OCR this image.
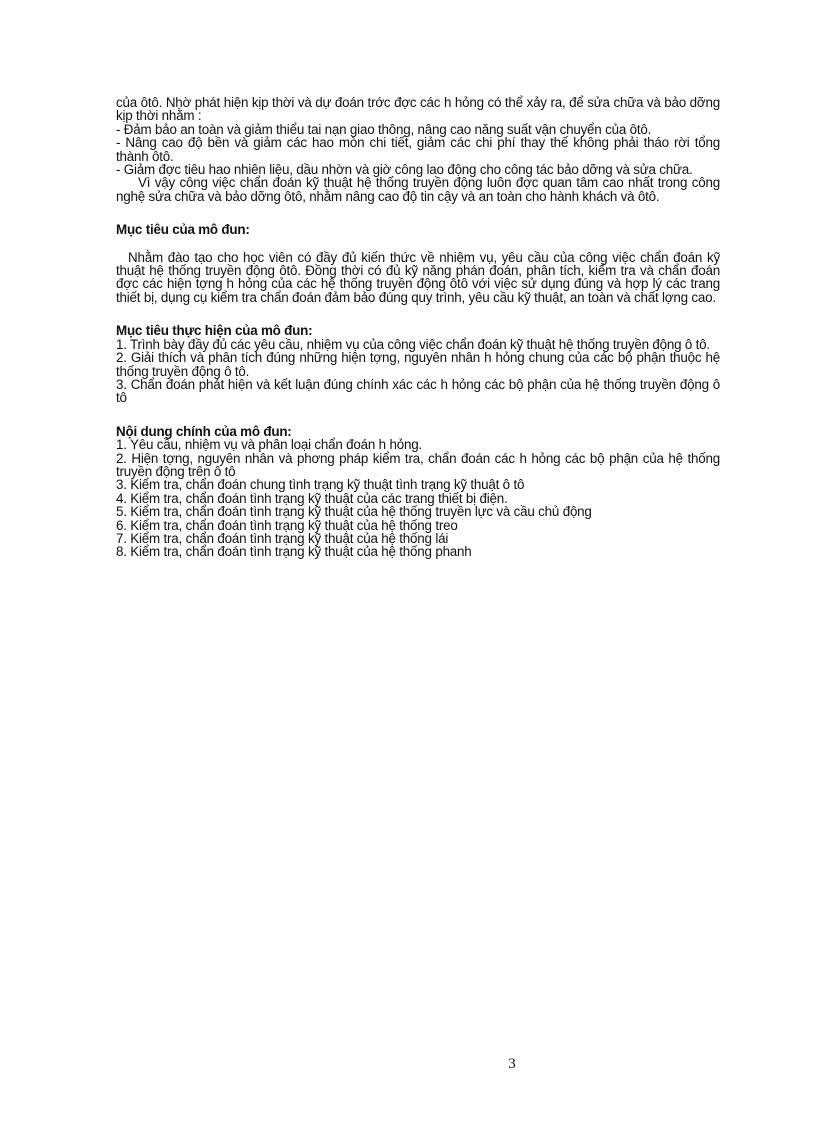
của ôtô. Nhờ phát hiện kịp thời và dự đoán trớc đợc các h hỏng có thể xảy ra, để sửa chữa và bảo dỡng kịp thời nhằm :

- Đảm bảo an toàn và giảm thiểu tai nạn giao thông, nâng cao năng suất vận chuyển của ôtô.

- Nâng cao độ bền và giảm các hao mòn chi tiết, giảm các chi phí thay thế không phải tháo rời tổng thành ôtô.

- Giảm đợc tiêu hao nhiên liệu, dầu nhờn và giờ công lao động cho công tác bảo dỡng và sửa chữa.

Vì vậy công việc chẩn đoán kỹ thuật hệ thống truyền động luôn đợc quan tâm cao nhất trong công nghệ sửa chữa và bảo dỡng ôtô, nhằm nâng cao độ tin cậy và an toàn cho hành khách và ôtô.

Mục tiêu của mô đun:

Nhằm đào tạo cho học viên có đầy đủ kiến thức về nhiệm vụ, yêu cầu của công việc chẩn đoán kỹ thuật hệ thống truyền động ôtô. Đồng thời có đủ kỹ năng phán đoán, phân tích, kiểm tra và chẩn đoán đợc các hiện tợng h hỏng của các hệ thống truyền động ôtô với việc sử dụng đúng và hợp lý các trang thiết bị, dụng cụ kiểm tra chẩn đoán đảm bảo đúng quy trình, yêu cầu kỹ thuật, an toàn và chất lợng cao.

Mục tiêu thực hiện của mô đun:

1. Trình bày đầy đủ các yêu cầu, nhiệm vụ của công việc chẩn đoán kỹ thuật hệ thống truyền động ô tô.

2. Giải thích và phân tích đúng những hiện tợng, nguyên nhân h hỏng chung của các bộ phận thuộc hệ thống truyền động ô tô.

3. Chẩn đoán phát hiện và kết luận đúng chính xác các h hỏng các bộ phận của hệ thống truyền động ô tô

Nội dung chính của mô đun:

1. Yêu cầu, nhiệm vụ và phân loại chẩn đoán h hỏng.

2. Hiện tợng, nguyên nhân và phơng pháp kiểm tra, chẩn đoán các h hỏng các bộ phận của hệ thống truyền động trên ô tô

3. Kiểm tra, chẩn đoán chung tình trạng kỹ thuật tình trạng kỹ thuật ô tô

4. Kiểm tra, chẩn đoán tình trạng kỹ thuật của các trang thiết bị điện.

5. Kiểm tra, chẩn đoán tình trạng kỹ thuật của hệ thống truyền lực và cầu chủ động

6. Kiểm tra, chẩn đoán tình trạng kỹ thuật của hệ thống treo

7. Kiểm tra, chẩn đoán tình trạng kỹ thuật của hệ thống lái

8. Kiểm tra, chẩn đoán tình trạng kỹ thuật của hệ thống phanh

3
